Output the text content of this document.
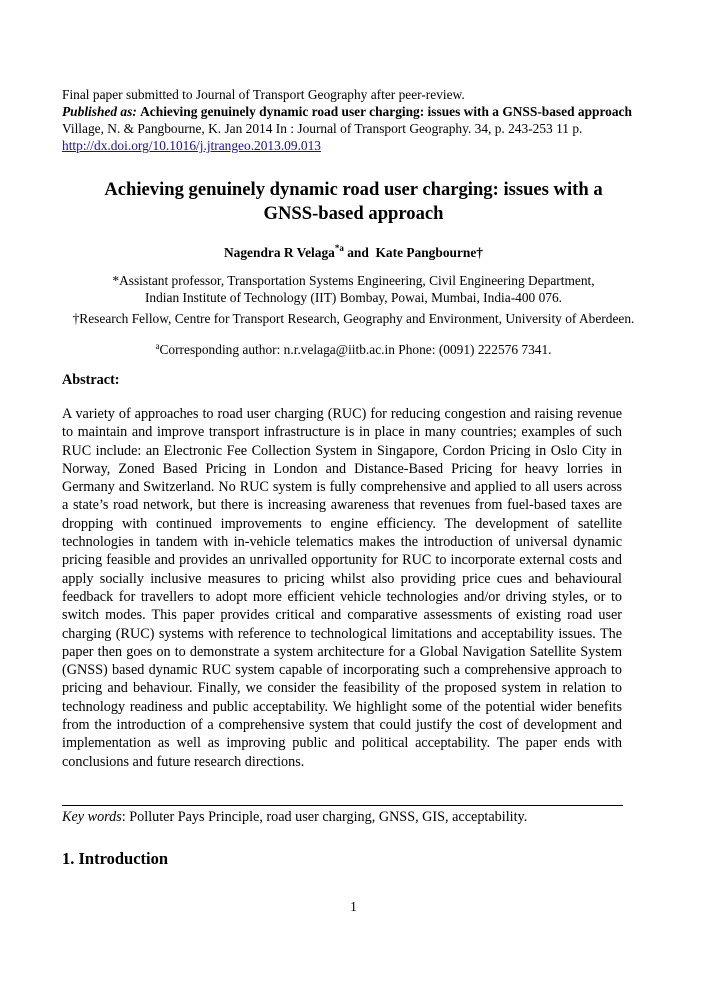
Final paper submitted to Journal of Transport Geography after peer-review.
Published as: Achieving genuinely dynamic road user charging: issues with a GNSS-based approach
Village, N. & Pangbourne, K. Jan 2014 In : Journal of Transport Geography. 34, p. 243-253 11 p.
http://dx.doi.org/10.1016/j.jtrangeo.2013.09.013
Achieving genuinely dynamic road user charging: issues with a
GNSS-based approach
Nagendra R Velaga$^{*a}$ and  Kate Pangbourne†
*Assistant professor, Transportation Systems Engineering, Civil Engineering Department,
Indian Institute of Technology (IIT) Bombay, Powai, Mumbai, India-400 076.
†Research Fellow, Centre for Transport Research, Geography and Environment, University of Aberdeen.
$^a$Corresponding author: n.r.velaga@iitb.ac.in Phone: (0091) 222576 7341.
Abstract:

A variety of approaches to road user charging (RUC) for reducing congestion and raising revenue to maintain and improve transport infrastructure is in place in many countries; examples of such RUC include: an Electronic Fee Collection System in Singapore, Cordon Pricing in Oslo City in Norway, Zoned Based Pricing in London and Distance-Based Pricing for heavy lorries in Germany and Switzerland. No RUC system is fully comprehensive and applied to all users across a state’s road network, but there is increasing awareness that revenues from fuel-based taxes are dropping with continued improvements to engine efficiency. The development of satellite technologies in tandem with in-vehicle telematics makes the introduction of universal dynamic pricing feasible and provides an unrivalled opportunity for RUC to incorporate external costs and apply socially inclusive measures to pricing whilst also providing price cues and behavioural feedback for travellers to adopt more efficient vehicle technologies and/or driving styles, or to switch modes. This paper provides critical and comparative assessments of existing road user charging (RUC) systems with reference to technological limitations and acceptability issues. The paper then goes on to demonstrate a system architecture for a Global Navigation Satellite System (GNSS) based dynamic RUC system capable of incorporating such a comprehensive approach to pricing and behaviour. Finally, we consider the feasibility of the proposed system in relation to technology readiness and public acceptability. We highlight some of the potential wider benefits from the introduction of a comprehensive system that could justify the cost of development and implementation as well as improving public and political acceptability. The paper ends with conclusions and future research directions.

Key words: Polluter Pays Principle, road user charging, GNSS, GIS, acceptability.
1. Introduction
1
